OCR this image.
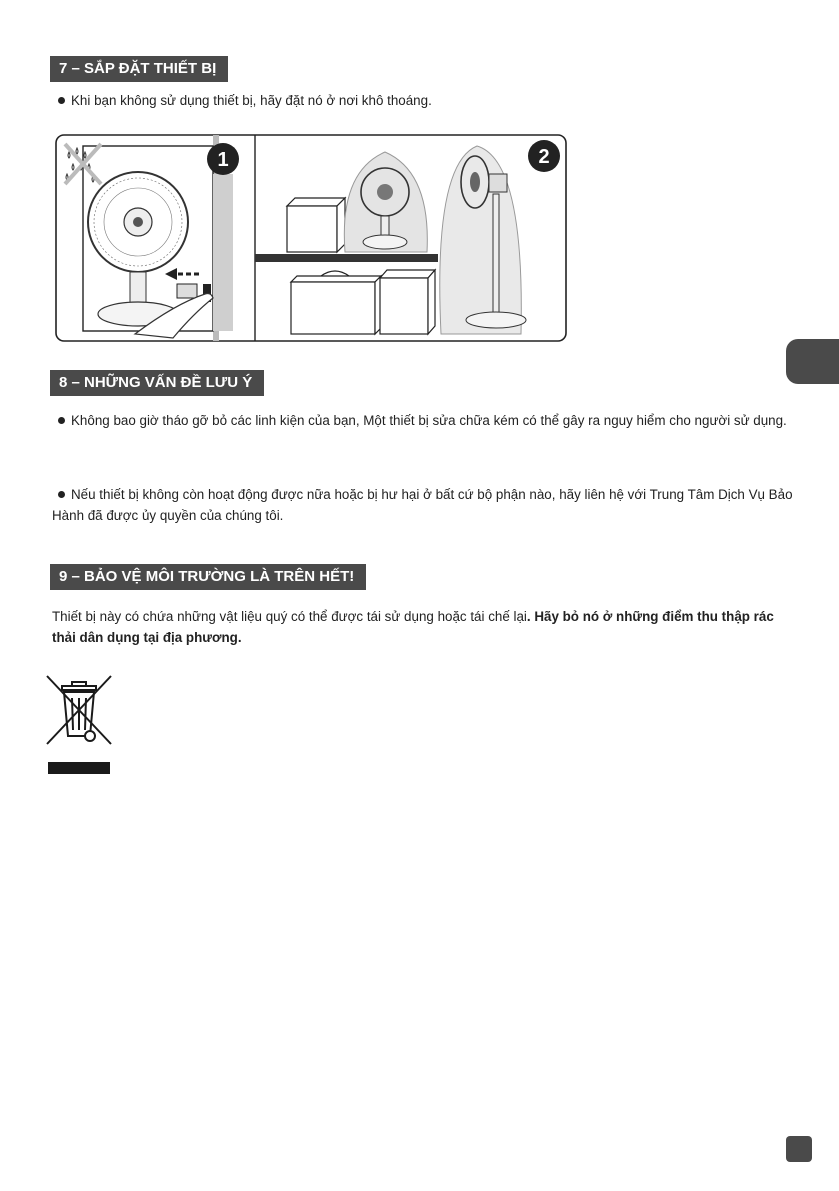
7 – SẮP ĐẶT THIẾT BỊ

Khi bạn không sử dụng thiết bị, hãy đặt nó ở nơi khô thoáng.

1	2
8 – NHỮNG VẤN ĐỀ LƯU Ý

Không bao giờ tháo gỡ bỏ các linh kiện của bạn, Một thiết bị sửa chữa kém có thể gây ra nguy hiểm cho người sử dụng.

Nếu thiết bị không còn hoạt động được nữa hoặc bị hư hại ở bất cứ bộ phận nào, hãy liên hệ với Trung Tâm Dịch Vụ Bảo Hành đã được ủy quyền của chúng tôi.

9 – BẢO VỆ MÔI TRƯỜNG LÀ TRÊN HẾT!

Thiết bị này có chứa những vật liệu quý có thể được tái sử dụng hoặc tái chế lại. Hãy bỏ nó ở những điểm thu thập rác thải dân dụng tại địa phương.
